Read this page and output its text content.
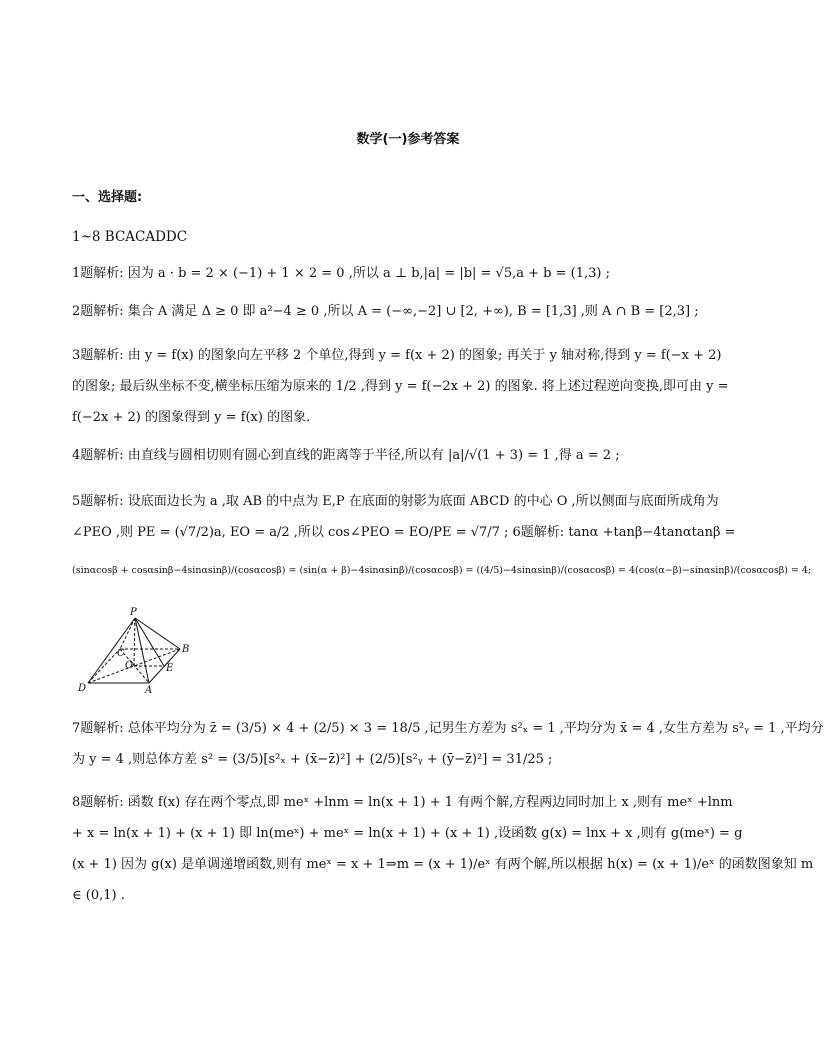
数学(一)参考答案
一、选择题:
1~8 BCACADDC
1题解析: 因为 a · b = 2 × (−1) + 1 × 2 = 0 ,所以 a ⊥ b,|a| = |b| = √5,a + b = (1,3) ;
2题解析: 集合 A 满足 Δ ≥ 0 即 a²−4 ≥ 0 ,所以 A = (−∞,−2] ∪ [2, +∞), B = [1,3] ,则 A ∩ B = [2,3] ;
3题解析: 由 y = f(x) 的图象向左平移 2 个单位,得到 y = f(x + 2) 的图象; 再关于 y 轴对称,得到 y = f(−x + 2)
的图象; 最后纵坐标不变,横坐标压缩为原来的 1/2 ,得到 y = f(−2x + 2) 的图象. 将上述过程逆向变换,即可由 y =
f(−2x + 2) 的图象得到 y = f(x) 的图象.
4题解析: 由直线与圆相切则有圆心到直线的距离等于半径,所以有 |a|/√(1 + 3) = 1 ,得 a = 2 ;
5题解析: 设底面边长为 a ,取 AB 的中点为 E,P 在底面的射影为底面 ABCD 的中心 O ,所以侧面与底面所成角为
∠PEO ,则 PE = (√7/2)a, EO = a/2 ,所以 cos∠PEO = EO/PE = √7/7 ; 6题解析: tanα +tanβ−4tanαtanβ =
(sinαcosβ + cosαsinβ−4sinαsinβ)/(cosαcosβ) = (sin(α + β)−4sinαsinβ)/(cosαcosβ) = ((4/5)−4sinαsinβ)/(cosαcosβ) = 4(cos(α−β)−sinαsinβ)/(cosαcosβ) = 4;
P
B
C
O	E
D	A
7题解析: 总体平均分为 z̄ = (3/5) × 4 + (2/5) × 3 = 18/5 ,记男生方差为 s²ₓ = 1 ,平均分为 x̄ = 4 ,女生方差为 s²ᵧ = 1 ,平均分
为 y = 4 ,则总体方差 s² = (3/5)[s²ₓ + (x̄−z̄)²] + (2/5)[s²ᵧ + (ȳ−z̄)²] = 31/25 ;
8题解析: 函数 f(x) 存在两个零点,即 meˣ +lnm = ln(x + 1) + 1 有两个解,方程两边同时加上 x ,则有 meˣ +lnm
+ x = ln(x + 1) + (x + 1) 即 ln(meˣ) + meˣ = ln(x + 1) + (x + 1) ,设函数 g(x) = lnx + x ,则有 g(meˣ) = g
(x + 1) 因为 g(x) 是单调递增函数,则有 meˣ = x + 1⇒m = (x + 1)/eˣ 有两个解,所以根据 h(x) = (x + 1)/eˣ 的函数图象知 m
∈ (0,1) .
